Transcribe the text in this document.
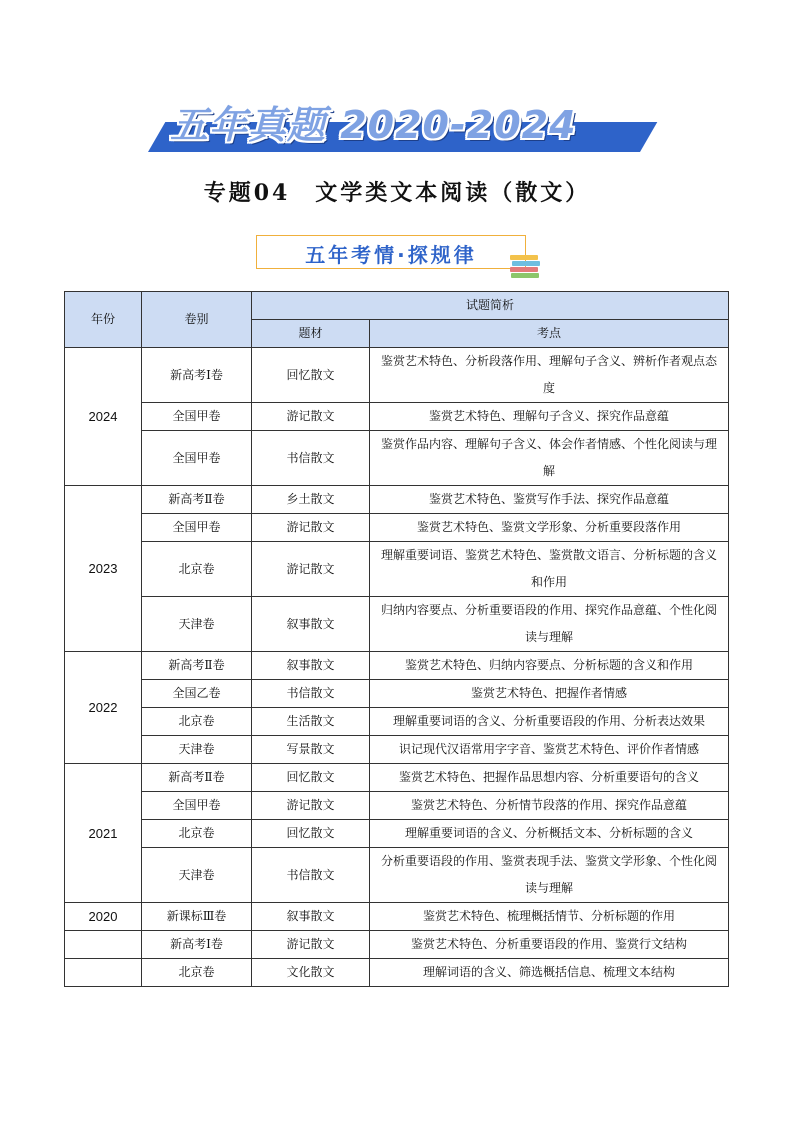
五年真题 2020-2024
专题04　文学类文本阅读（散文）
五年考情·探规律
年份	卷别	试题简析	
		题材	考点
2024	新高考Ⅰ卷	回忆散文	鉴赏艺术特色、分析段落作用、理解句子含义、辨析作者观点态度
	全国甲卷	游记散文	鉴赏艺术特色、理解句子含义、探究作品意蕴
	全国甲卷	书信散文	鉴赏作品内容、理解句子含义、体会作者情感、个性化阅读与理解
2023	新高考Ⅱ卷	乡土散文	鉴赏艺术特色、鉴赏写作手法、探究作品意蕴
	全国甲卷	游记散文	鉴赏艺术特色、鉴赏文学形象、分析重要段落作用
	北京卷	游记散文	理解重要词语、鉴赏艺术特色、鉴赏散文语言、分析标题的含义和作用
	天津卷	叙事散文	归纳内容要点、分析重要语段的作用、探究作品意蕴、个性化阅读与理解
2022	新高考Ⅱ卷	叙事散文	鉴赏艺术特色、归纳内容要点、分析标题的含义和作用
	全国乙卷	书信散文	鉴赏艺术特色、把握作者情感
	北京卷	生活散文	理解重要词语的含义、分析重要语段的作用、分析表达效果
	天津卷	写景散文	识记现代汉语常用字字音、鉴赏艺术特色、评价作者情感
2021	新高考Ⅱ卷	回忆散文	鉴赏艺术特色、把握作品思想内容、分析重要语句的含义
	全国甲卷	游记散文	鉴赏艺术特色、分析情节段落的作用、探究作品意蕴
	北京卷	回忆散文	理解重要词语的含义、分析概括文本、分析标题的含义
	天津卷	书信散文	分析重要语段的作用、鉴赏表现手法、鉴赏文学形象、个性化阅读与理解
2020	新课标Ⅲ卷	叙事散文	鉴赏艺术特色、梳理概括情节、分析标题的作用
	新高考Ⅰ卷	游记散文	鉴赏艺术特色、分析重要语段的作用、鉴赏行文结构
	北京卷	文化散文	理解词语的含义、筛选概括信息、梳理文本结构
